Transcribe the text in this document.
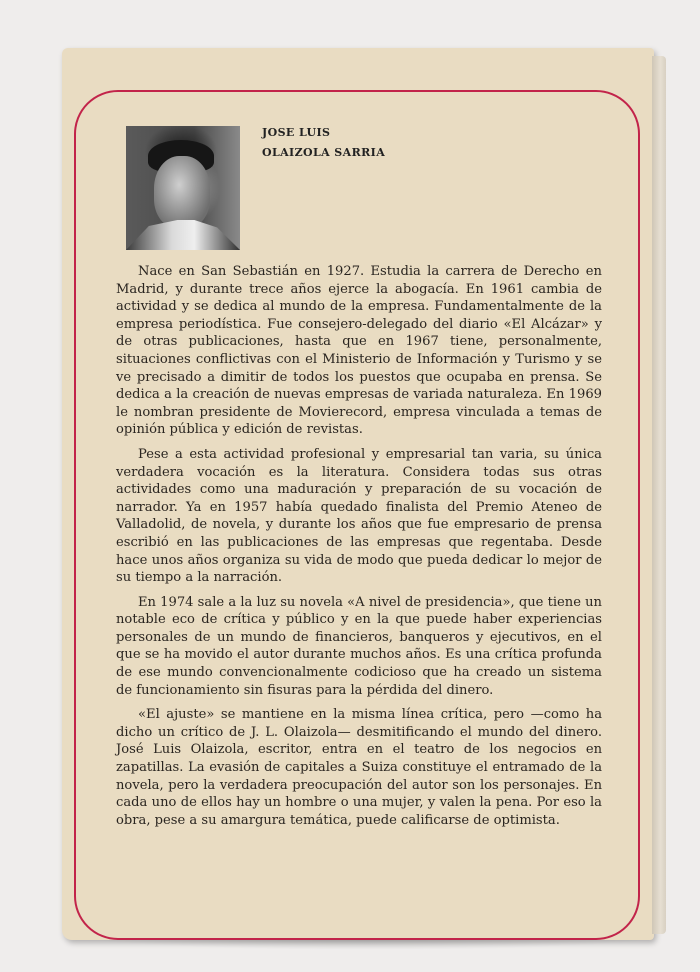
JOSE LUIS
OLAIZOLA SARRIA

Nace en San Sebastián en 1927. Estudia la carrera de Derecho en Madrid, y durante trece años ejerce la abogacía. En 1961 cambia de actividad y se dedica al mundo de la empresa. Fundamentalmente de la empresa periodística. Fue consejero-delegado del diario «El Alcázar» y de otras publicaciones, hasta que en 1967 tiene, personalmente, situaciones conflictivas con el Ministerio de Información y Turismo y se ve precisado a dimitir de todos los puestos que ocupaba en prensa. Se dedica a la creación de nuevas empresas de variada naturaleza. En 1969 le nombran presidente de Movierecord, empresa vinculada a temas de opinión pública y edición de revistas.

Pese a esta actividad profesional y empresarial tan varia, su única verdadera vocación es la literatura. Considera todas sus otras actividades como una maduración y preparación de su vocación de narrador. Ya en 1957 había quedado finalista del Premio Ateneo de Valladolid, de novela, y durante los años que fue empresario de prensa escribió en las publicaciones de las empresas que regentaba. Desde hace unos años organiza su vida de modo que pueda dedicar lo mejor de su tiempo a la narración.

En 1974 sale a la luz su novela «A nivel de presidencia», que tiene un notable eco de crítica y público y en la que puede haber experiencias personales de un mundo de financieros, banqueros y ejecutivos, en el que se ha movido el autor durante muchos años. Es una crítica profunda de ese mundo convencionalmente codicioso que ha creado un sistema de funcionamiento sin fisuras para la pérdida del dinero.

«El ajuste» se mantiene en la misma línea crítica, pero —como ha dicho un crítico de J. L. Olaizola— desmitificando el mundo del dinero. José Luis Olaizola, escritor, entra en el teatro de los negocios en zapatillas. La evasión de capitales a Suiza constituye el entramado de la novela, pero la verdadera preocupación del autor son los personajes. En cada uno de ellos hay un hombre o una mujer, y valen la pena. Por eso la obra, pese a su amargura temática, puede calificarse de optimista.
